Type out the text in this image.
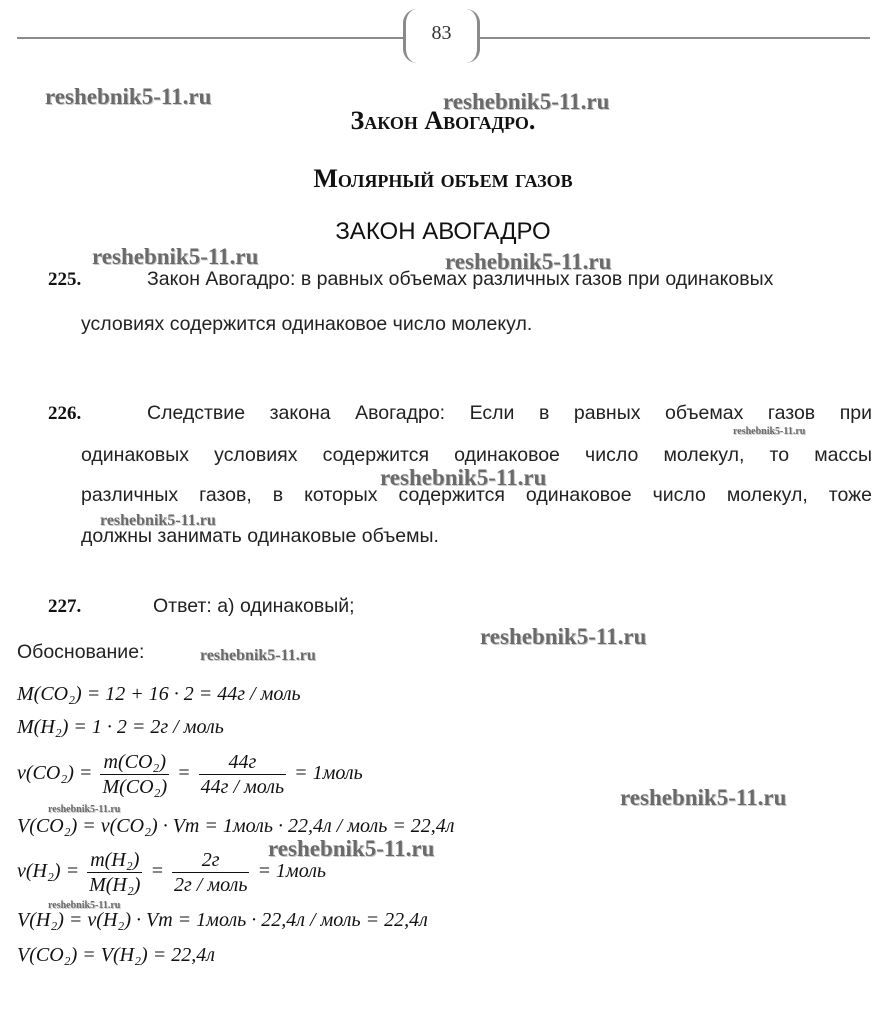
83
Закон Авогадро.
Молярный объем газов
ЗАКОН АВОГАДРО
225.	Закон Авогадро: в равных объемах различных газов при одинаковых
условиях содержится одинаковое число молекул.
226.	Следствие закона Авогадро: Если в равных объемах газов при
одинаковых условиях содержится одинаковое число молекул, то массы
различных газов, в которых содержится одинаковое число молекул, тоже
должны занимать одинаковые объемы.
227.	Ответ: а) одинаковый;
Обоснование:
M(CO₂) = 12 + 16 · 2 = 44г / моль
M(H₂) = 1 · 2 = 2г / моль
$\nu(CO_2) = \frac{\text{m(CO₂)}}{\text{M(CO₂)}} = \frac{44г}{\text{44г / моль}}$ = 1моль
V(CO₂) = ν(CO₂) · Vm = 1моль · 22,4л / моль = 22,4л
$\nu(H_2) = \frac{\text{m(H₂)}}{\text{M(H₂)}} = \frac{2г}{\text{2г / моль}}$ = 1моль
V(H₂) = ν(H₂) · Vm = 1моль · 22,4л / моль = 22,4л
V(CO₂) = V(H₂) = 22,4л
reshebnik5-11.ru	reshebnik5-11.ru
reshebnik5-11.ru	reshebnik5-11.ru
reshebnik5-11.ru
reshebnik5-11.ru
reshebnik5-11.ru
reshebnik5-11.ru
reshebnik5-11.ru
reshebnik5-11.ru
reshebnik5-11.ru
reshebnik5-11.ru
reshebnik5-11.ru
